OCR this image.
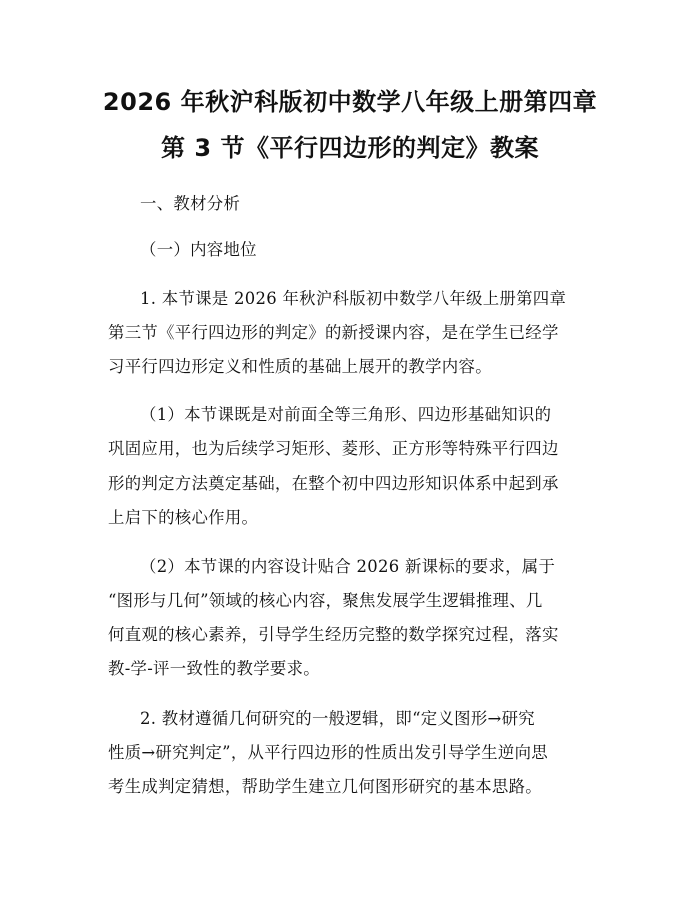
2026 年秋沪科版初中数学八年级上册第四章
第 3 节《平行四边形的判定》教案
一、教材分析
（一）内容地位
1. 本节课是 2026 年秋沪科版初中数学八年级上册第四章
第三节《平行四边形的判定》的新授课内容，是在学生已经学
习平行四边形定义和性质的基础上展开的教学内容。
（1）本节课既是对前面全等三角形、四边形基础知识的
巩固应用，也为后续学习矩形、菱形、正方形等特殊平行四边
形的判定方法奠定基础，在整个初中四边形知识体系中起到承
上启下的核心作用。
（2）本节课的内容设计贴合 2026 新课标的要求，属于
“图形与几何”领域的核心内容，聚焦发展学生逻辑推理、几
何直观的核心素养，引导学生经历完整的数学探究过程，落实
教-学-评一致性的教学要求。
2. 教材遵循几何研究的一般逻辑，即“定义图形→研究
性质→研究判定”，从平行四边形的性质出发引导学生逆向思
考生成判定猜想，帮助学生建立几何图形研究的基本思路。
